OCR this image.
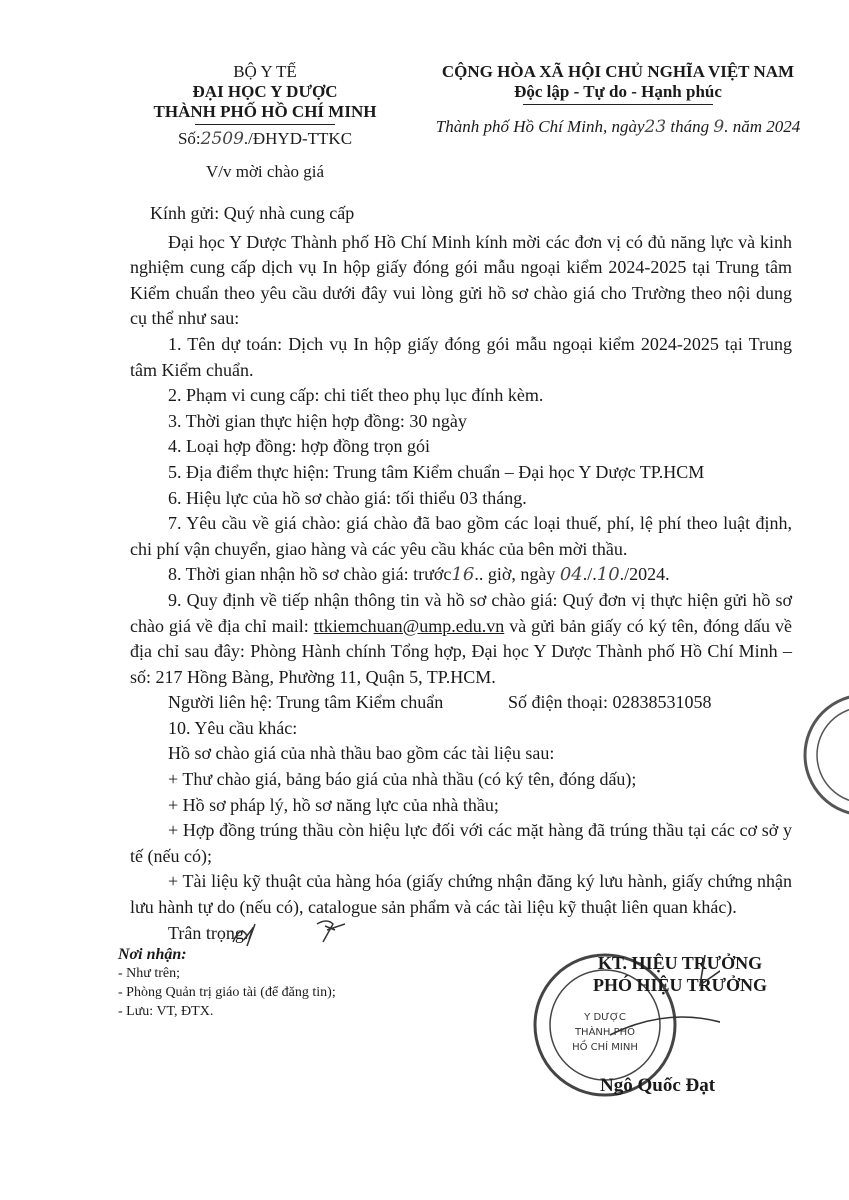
BỘ Y TẾ
ĐẠI HỌC Y DƯỢC
THÀNH PHỐ HỒ CHÍ MINH
Số:2509./ĐHYD-TTKC
V/v mời chào giá
CỘNG HÒA XÃ HỘI CHỦ NGHĨA VIỆT NAM
Độc lập - Tự do - Hạnh phúc
Thành phố Hồ Chí Minh, ngày23 tháng 9. năm 2024

Kính gửi: Quý nhà cung cấp

Đại học Y Dược Thành phố Hồ Chí Minh kính mời các đơn vị có đủ năng lực và kinh nghiệm cung cấp dịch vụ In hộp giấy đóng gói mẫu ngoại kiểm 2024-2025 tại Trung tâm Kiểm chuẩn theo yêu cầu dưới đây vui lòng gửi hồ sơ chào giá cho Trường theo nội dung cụ thể như sau:

1. Tên dự toán: Dịch vụ In hộp giấy đóng gói mẫu ngoại kiểm 2024-2025 tại Trung tâm Kiểm chuẩn.

2. Phạm vi cung cấp: chi tiết theo phụ lục đính kèm.

3. Thời gian thực hiện hợp đồng: 30 ngày

4. Loại hợp đồng: hợp đồng trọn gói

5. Địa điểm thực hiện: Trung tâm Kiểm chuẩn – Đại học Y Dược TP.HCM

6. Hiệu lực của hồ sơ chào giá: tối thiểu 03 tháng.

7. Yêu cầu về giá chào: giá chào đã bao gồm các loại thuế, phí, lệ phí theo luật định, chi phí vận chuyển, giao hàng và các yêu cầu khác của bên mời thầu.

8. Thời gian nhận hồ sơ chào giá: trước16.. giờ, ngày 04./.10./2024.

9. Quy định về tiếp nhận thông tin và hồ sơ chào giá: Quý đơn vị thực hiện gửi hồ sơ chào giá về địa chỉ mail: ttkiemchuan@ump.edu.vn và gửi bản giấy có ký tên, đóng dấu về địa chỉ sau đây: Phòng Hành chính Tổng hợp, Đại học Y Dược Thành phố Hồ Chí Minh – số: 217 Hồng Bàng, Phường 11, Quận 5, TP.HCM.

Người liên hệ: Trung tâm Kiểm chuẩn	Số điện thoại: 02838531058

10. Yêu cầu khác:

Hồ sơ chào giá của nhà thầu bao gồm các tài liệu sau:

+ Thư chào giá, bảng báo giá của nhà thầu (có ký tên, đóng dấu);

+ Hồ sơ pháp lý, hồ sơ năng lực của nhà thầu;

+ Hợp đồng trúng thầu còn hiệu lực đối với các mặt hàng đã trúng thầu tại các cơ sở y tế (nếu có);

+ Tài liệu kỹ thuật của hàng hóa (giấy chứng nhận đăng ký lưu hành, giấy chứng nhận lưu hành tự do (nếu có), catalogue sản phẩm và các tài liệu kỹ thuật liên quan khác).

Trân trọng./

Nơi nhận:
- Như trên;
- Phòng Quản trị giáo tài (để đăng tin);
- Lưu: VT, ĐTX.	Y DƯỢC
THÀNH PHỐ
HỒ CHÍ MINH
KT. HIỆU TRƯỞNG
PHÓ HIỆU TRƯỞNG
Ngô Quốc Đạt
